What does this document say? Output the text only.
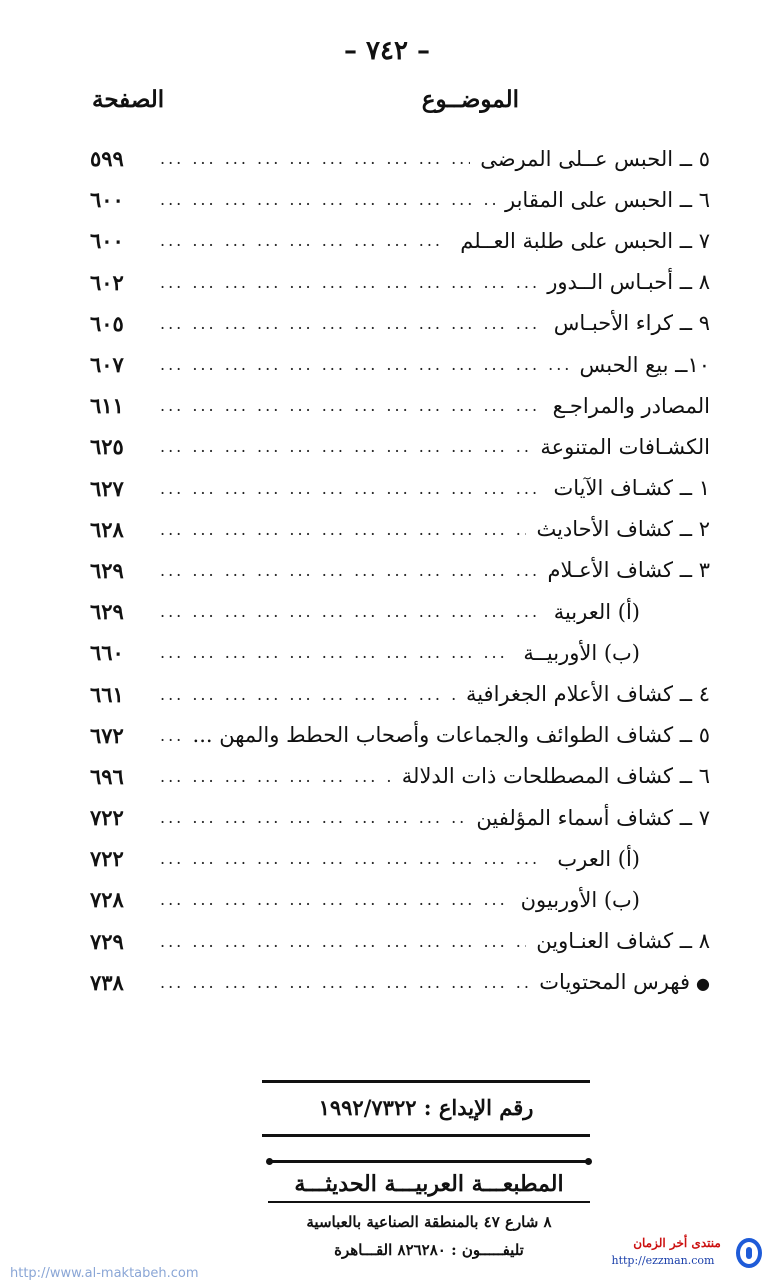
– ٧٤٢ –
الموضــوع
الصفحة
٥ ــ الحبس عــلى المرضى
... .
٥٩٩
٦ ــ الحبس على المقابر
... .
٦٠٠
٧ ــ الحبس على طلبة العــلم
... .
٦٠٠
٨ ــ أحبـاس الــدور
... .
٦٠٢
٩ ــ كراء الأحبـاس
... .
٦٠٥
١٠ــ بيع الحبس
... .
٦٠٧
المصادر والمراجـع
... .
٦١١
الكشـافات المتنوعة
... .
٦٢٥
١ ــ كشـاف الآيات
... .
٦٢٧
٢ ــ كشاف الأحاديث
... .
٦٢٨
٣ ــ كشاف الأعـلام
... .
٦٢٩
(أ) العربية
... .
٦٢٩
(ب) الأوربيــة
... .
٦٦٠
٤ ــ كشاف الأعلام الجغرافية
... .
٦٦١
٥ ــ كشاف الطوائف والجماعات وأصحاب الحطط والمهن ...
... .
٦٧٢
٦ ــ كشاف المصطلحات ذات الدلالة
... .
٦٩٦
٧ ــ كشاف أسماء المؤلفين
... .
٧٢٢
(أ) العرب
... .
٧٢٢
(ب) الأوربيون
... .
٧٢٨
٨ ــ كشاف العنـاوين
... .
٧٢٩
●فهرس المحتويات
... .
٧٣٨
رقم الإيداع : ١٩٩٢/٧٣٢٢
المطبعـــة العربيـــة الحديثـــة
٨ شارع ٤٧ بالمنطقة الصناعية بالعباسية
تليفـــــون : ٨٢٦٢٨٠ القـــاهرة	منتدى أخر الزمان
http://ezzman.com
http://www.al-maktabeh.com
